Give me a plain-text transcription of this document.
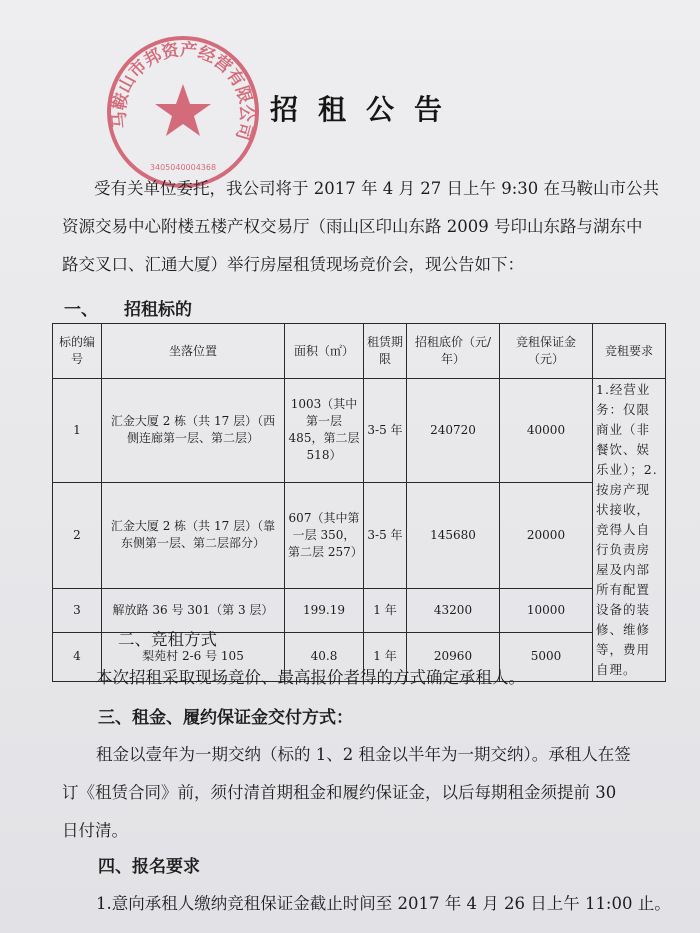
马鞍山市邦资产经营有限公司
3405040004368
招租公告
受有关单位委托，我公司将于 2017 年 4 月 27 日上午 9:30 在马鞍山市公共
资源交易中心附楼五楼产权交易厅（雨山区印山东路 2009 号印山东路与湖东中
路交叉口、汇通大厦）举行房屋租赁现场竞价会，现公告如下：
一、 招租标的
标的编号	坐落位置	面积（㎡）	租赁期限	招租底价（元/年）	竞租保证金（元）	竞租要求
1	汇金大厦 2 栋（共 17 层）（西侧连廊第一层、第二层）	1003（其中第一层 485，第二层 518）	3-5 年	240720	40000	1.经营业务：仅限商业（非餐饮、娱乐业）；2.按房产现状接收，竞得人自行负责房屋及内部所有配置设备的装修、维修等，费用自理。
2	汇金大厦 2 栋（共 17 层）（靠东侧第一层、第二层部分）	607（其中第一层 350，第二层 257）	3-5 年	145680	20000	
3	解放路 36 号 301（第 3 层）	199.19	1 年	43200	10000	
4	梨苑村 2-6 号 105	40.8	1 年	20960	5000	
二、竞租方式
本次招租采取现场竞价、最高报价者得的方式确定承租人。
三、租金、履约保证金交付方式：
租金以壹年为一期交纳（标的 1、2 租金以半年为一期交纳）。承租人在签
订《租赁合同》前，须付清首期租金和履约保证金，以后每期租金须提前 30
日付清。
四、报名要求
1.意向承租人缴纳竞租保证金截止时间至 2017 年 4 月 26 日上午 11:00 止。
